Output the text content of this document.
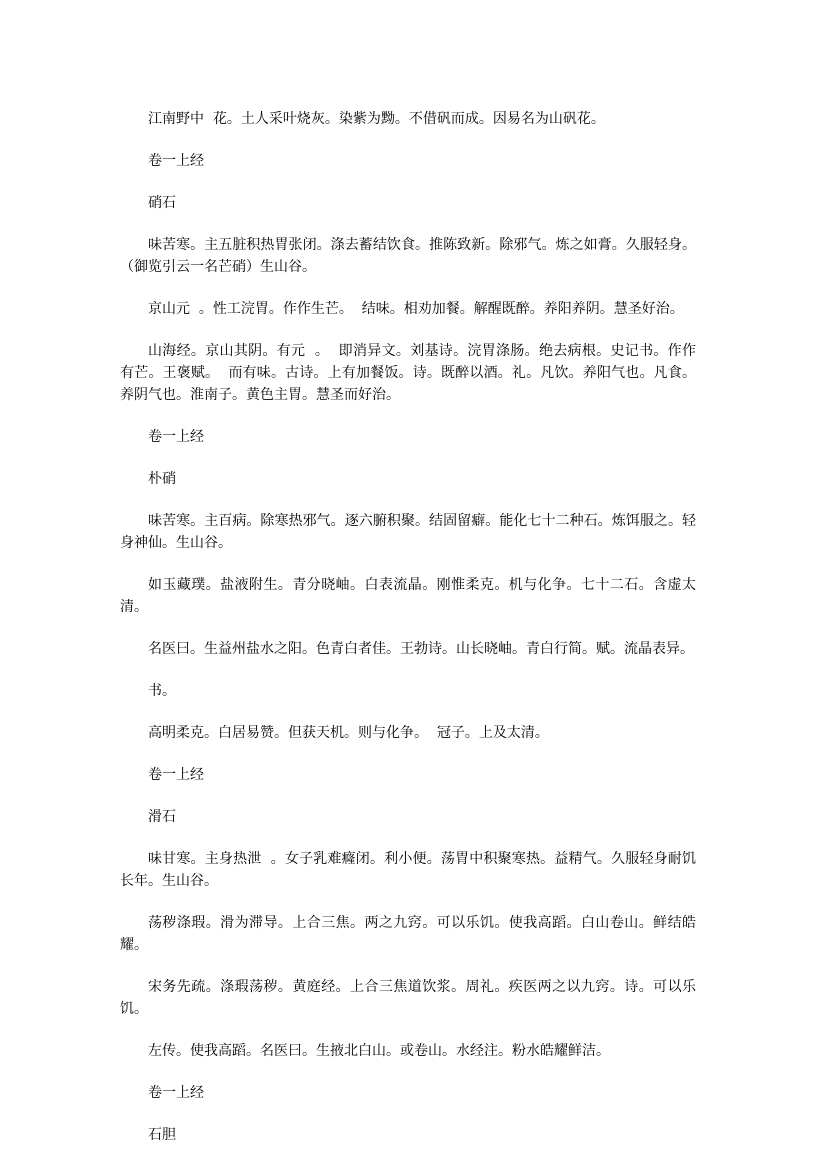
江南野中  花。土人采叶烧灰。染紫为黝。不借矾而成。因易名为山矾花。

卷一上经

硝石

味苦寒。主五脏积热胃张闭。涤去蓄结饮食。推陈致新。除邪气。炼之如膏。久服轻身。（御览引云一名芒硝）生山谷。

京山元  。性工浣胃。作作生芒。  结味。相劝加餐。解醒既醉。养阳养阴。慧圣好治。

山海经。京山其阴。有元  。  即消异文。刘基诗。浣胃涤肠。绝去病根。史记书。作作有芒。王褒赋。  而有味。古诗。上有加餐饭。诗。既醉以酒。礼。凡饮。养阳气也。凡食。养阴气也。淮南子。黄色主胃。慧圣而好治。

卷一上经

朴硝

味苦寒。主百病。除寒热邪气。逐六腑积聚。结固留癖。能化七十二种石。炼饵服之。轻身神仙。生山谷。

如玉藏璞。盐液附生。青分晓岫。白表流晶。刚惟柔克。机与化争。七十二石。含虚太清。

名医曰。生益州盐水之阳。色青白者佳。王勃诗。山长晓岫。青白行简。赋。流晶表异。

书。

高明柔克。白居易赞。但获天机。则与化争。  冠子。上及太清。

卷一上经

滑石

味甘寒。主身热泄  。女子乳难癃闭。利小便。荡胃中积聚寒热。益精气。久服轻身耐饥长年。生山谷。

荡秽涤瑕。滑为滞导。上合三焦。两之九窍。可以乐饥。使我高蹈。白山卷山。鲜结皓耀。

宋务先疏。涤瑕荡秽。黄庭经。上合三焦道饮浆。周礼。疾医两之以九窍。诗。可以乐饥。

左传。使我高蹈。名医曰。生掖北白山。或卷山。水经注。粉水皓耀鲜洁。

卷一上经

石胆
